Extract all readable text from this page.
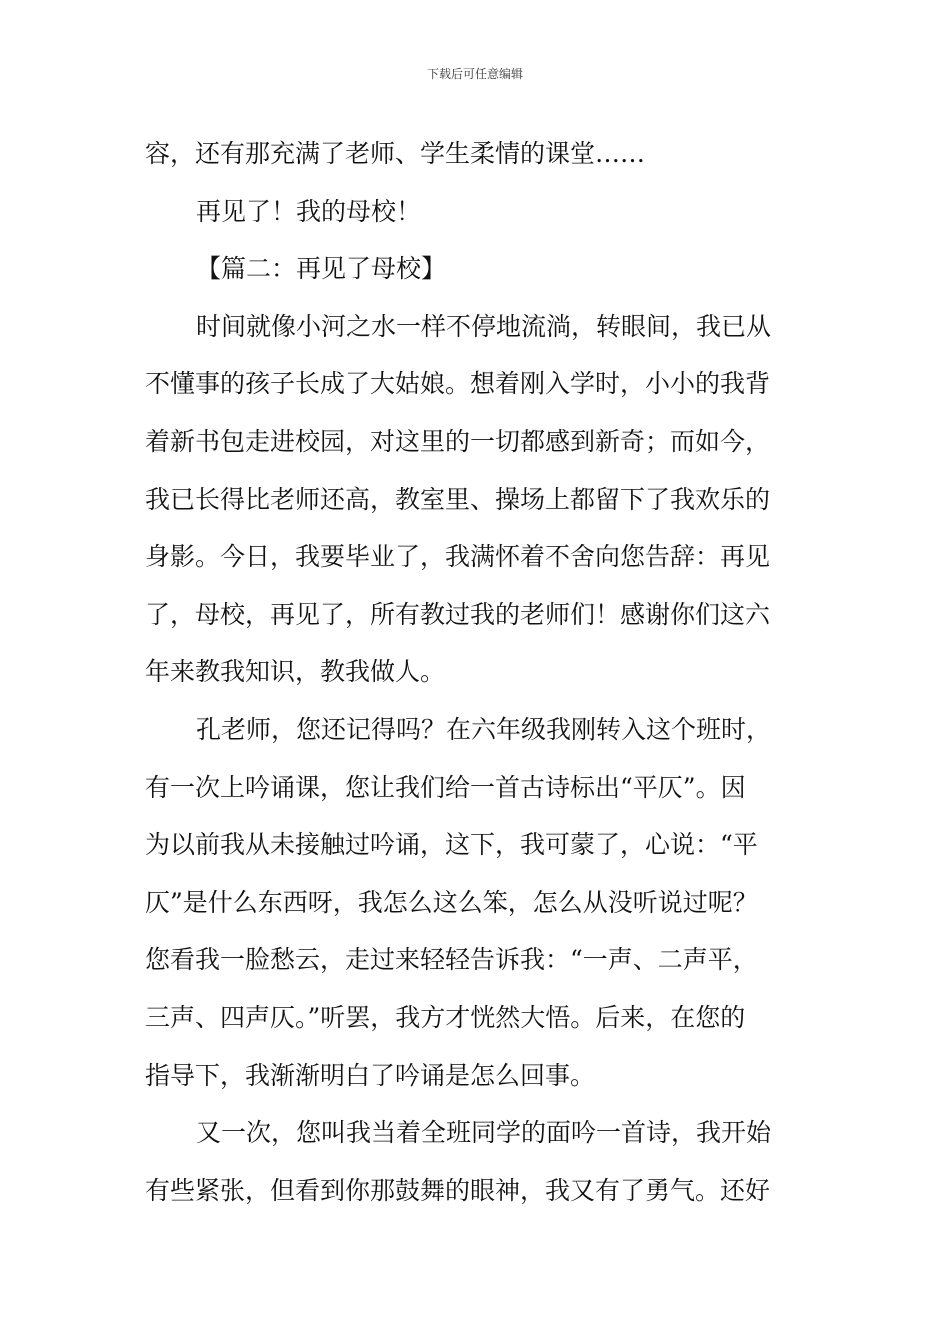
下载后可任意编辑
容，还有那充满了老师、学生柔情的课堂……
再见了！我的母校！
【篇二：再见了母校】
时间就像小河之水一样不停地流淌，转眼间，我已从
不懂事的孩子长成了大姑娘。想着刚入学时，小小的我背
着新书包走进校园，对这里的一切都感到新奇；而如今，
我已长得比老师还高，教室里、操场上都留下了我欢乐的
身影。今日，我要毕业了，我满怀着不舍向您告辞：再见
了，母校，再见了，所有教过我的老师们！感谢你们这六
年来教我知识，教我做人。
孔老师，您还记得吗？在六年级我刚转入这个班时，
有一次上吟诵课，您让我们给一首古诗标出“平仄”。因
为以前我从未接触过吟诵，这下，我可蒙了，心说：“平
仄”是什么东西呀，我怎么这么笨，怎么从没听说过呢？
您看我一脸愁云，走过来轻轻告诉我：“一声、二声平，
三声、四声仄。”听罢，我方才恍然大悟。后来，在您的
指导下，我渐渐明白了吟诵是怎么回事。
又一次，您叫我当着全班同学的面吟一首诗，我开始
有些紧张，但看到你那鼓舞的眼神，我又有了勇气。还好
